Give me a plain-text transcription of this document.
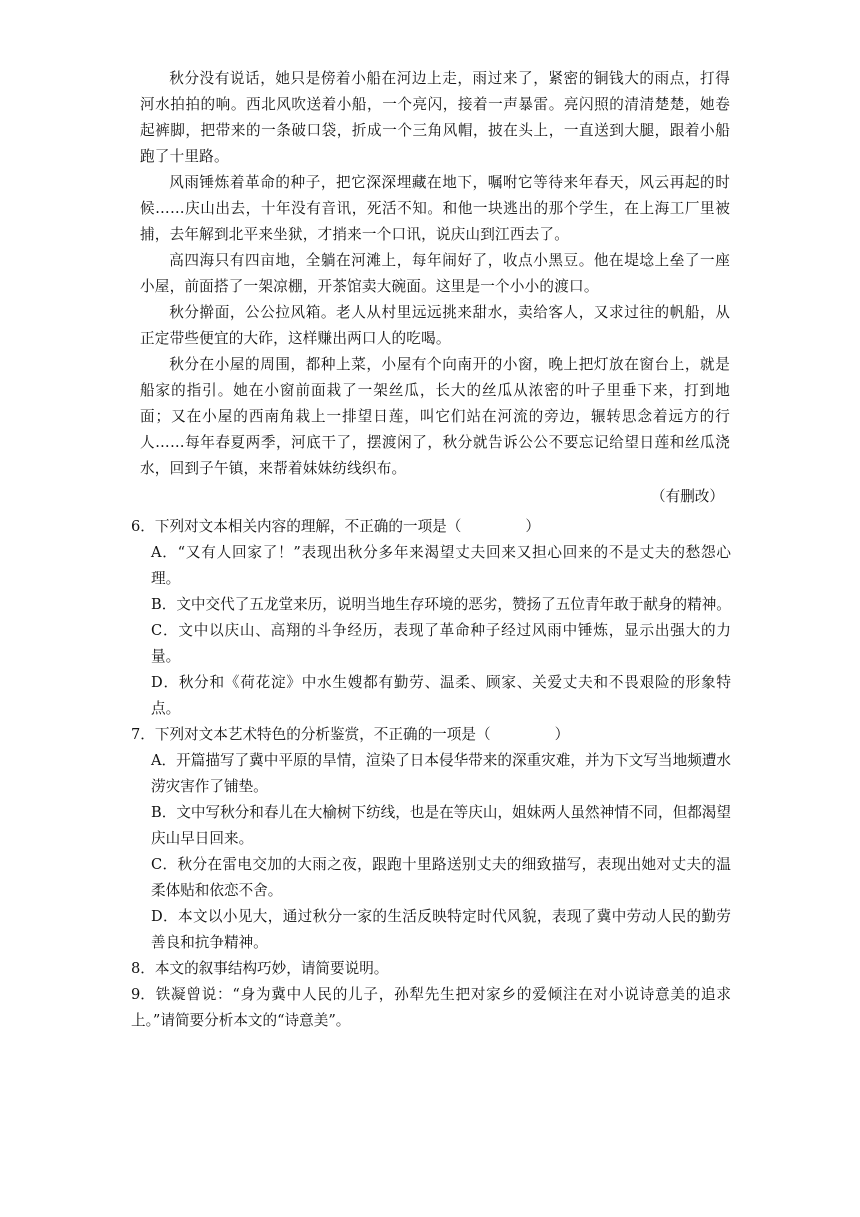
秋分没有说话，她只是傍着小船在河边上走，雨过来了，紧密的铜钱大的雨点，打得河水拍拍的响。西北风吹送着小船，一个亮闪，接着一声暴雷。亮闪照的清清楚楚，她卷起裤脚，把带来的一条破口袋，折成一个三角风帽，披在头上，一直送到大腿，跟着小船跑了十里路。

风雨锤炼着革命的种子，把它深深埋藏在地下，嘱咐它等待来年春天，风云再起的时候……庆山出去，十年没有音讯，死活不知。和他一块逃出的那个学生，在上海工厂里被捕，去年解到北平来坐狱，才捎来一个口讯，说庆山到江西去了。

高四海只有四亩地，全躺在河滩上，每年闹好了，收点小黑豆。他在堤埝上垒了一座小屋，前面搭了一架凉棚，开茶馆卖大碗面。这里是一个小小的渡口。

秋分擀面，公公拉风箱。老人从村里远远挑来甜水，卖给客人，又求过往的帆船，从正定带些便宜的大砟，这样赚出两口人的吃喝。

秋分在小屋的周围，都种上菜，小屋有个向南开的小窗，晚上把灯放在窗台上，就是船家的指引。她在小窗前面栽了一架丝瓜，长大的丝瓜从浓密的叶子里垂下来，打到地面；又在小屋的西南角栽上一排望日莲，叫它们站在河流的旁边，辗转思念着远方的行人……每年春夏两季，河底干了，摆渡闲了，秋分就告诉公公不要忘记给望日莲和丝瓜浇水，回到子午镇，来帮着妹妹纺线织布。

（有删改）

6．下列对文本相关内容的理解，不正确的一项是（	）

A．“又有人回家了！”表现出秋分多年来渴望丈夫回来又担心回来的不是丈夫的愁怨心理。

B．文中交代了五龙堂来历，说明当地生存环境的恶劣，赞扬了五位青年敢于献身的精神。

C．文中以庆山、高翔的斗争经历，表现了革命种子经过风雨中锤炼，显示出强大的力量。

D．秋分和《荷花淀》中水生嫂都有勤劳、温柔、顾家、关爱丈夫和不畏艰险的形象特点。

7．下列对文本艺术特色的分析鉴赏，不正确的一项是（	）

A．开篇描写了冀中平原的旱情，渲染了日本侵华带来的深重灾难，并为下文写当地频遭水涝灾害作了铺垫。

B．文中写秋分和春儿在大榆树下纺线，也是在等庆山，姐妹两人虽然神情不同，但都渴望庆山早日回来。

C．秋分在雷电交加的大雨之夜，跟跑十里路送别丈夫的细致描写，表现出她对丈夫的温柔体贴和依恋不舍。

D．本文以小见大，通过秋分一家的生活反映特定时代风貌，表现了冀中劳动人民的勤劳善良和抗争精神。

8．本文的叙事结构巧妙，请简要说明。

9．铁凝曾说：“身为冀中人民的儿子，孙犁先生把对家乡的爱倾注在对小说诗意美的追求上。”请简要分析本文的“诗意美”。
